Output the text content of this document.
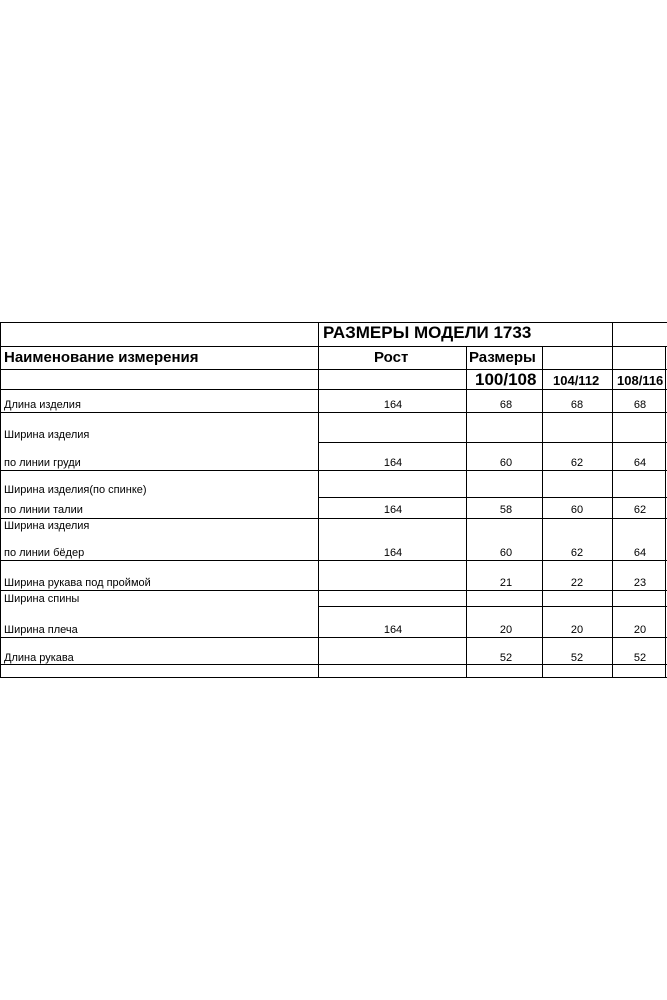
РАЗМЕРЫ МОДЕЛИ 1733
Наименование измерения	Рост	Размеры
100/108 104/112 108/116
Длина изделия	164	68	68	68
Ширина изделия
по линии груди	164	60	62	64
Ширина изделия(по спинке)
по линии талии	164	58	60	62
Ширина изделия
по линии бёдер	164	60	62	64
Ширина рукава под проймой	21	22	23
Ширина спины
Ширина плеча	164	20	20	20
Длина рукава	52	52	52
